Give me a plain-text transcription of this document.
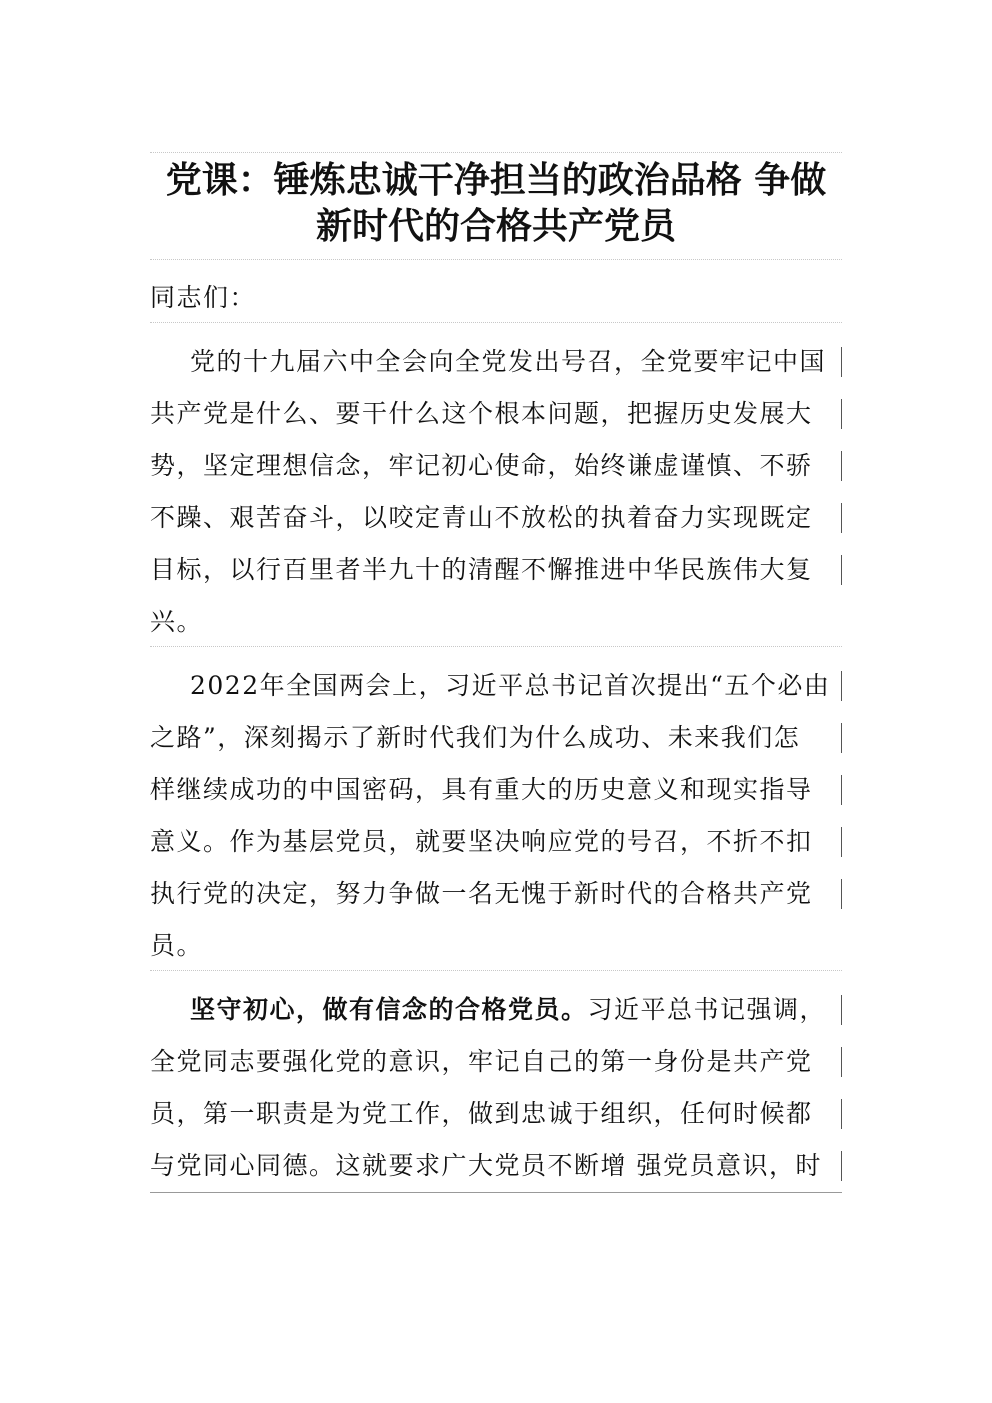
党课：锤炼忠诚干净担当的政治品格 争做
新时代的合格共产党员
同志们：
党的十九届六中全会向全党发出号召，全党要牢记中国
共产党是什么、要干什么这个根本问题，把握历史发展大
势，坚定理想信念，牢记初心使命，始终谦虚谨慎、不骄
不躁、艰苦奋斗，以咬定青山不放松的执着奋力实现既定
目标，以行百里者半九十的清醒不懈推进中华民族伟大复
兴。
2022年全国两会上，习近平总书记首次提出“五个必由
之路”，深刻揭示了新时代我们为什么成功、未来我们怎
样继续成功的中国密码，具有重大的历史意义和现实指导
意义。作为基层党员，就要坚决响应党的号召，不折不扣
执行党的决定，努力争做一名无愧于新时代的合格共产党
员。
坚守初心，做有信念的合格党员。习近平总书记强调，
全党同志要强化党的意识，牢记自己的第一身份是共产党
员，第一职责是为党工作，做到忠诚于组织，任何时候都
与党同心同德。这就要求广大党员不断增 强党员意识，时
